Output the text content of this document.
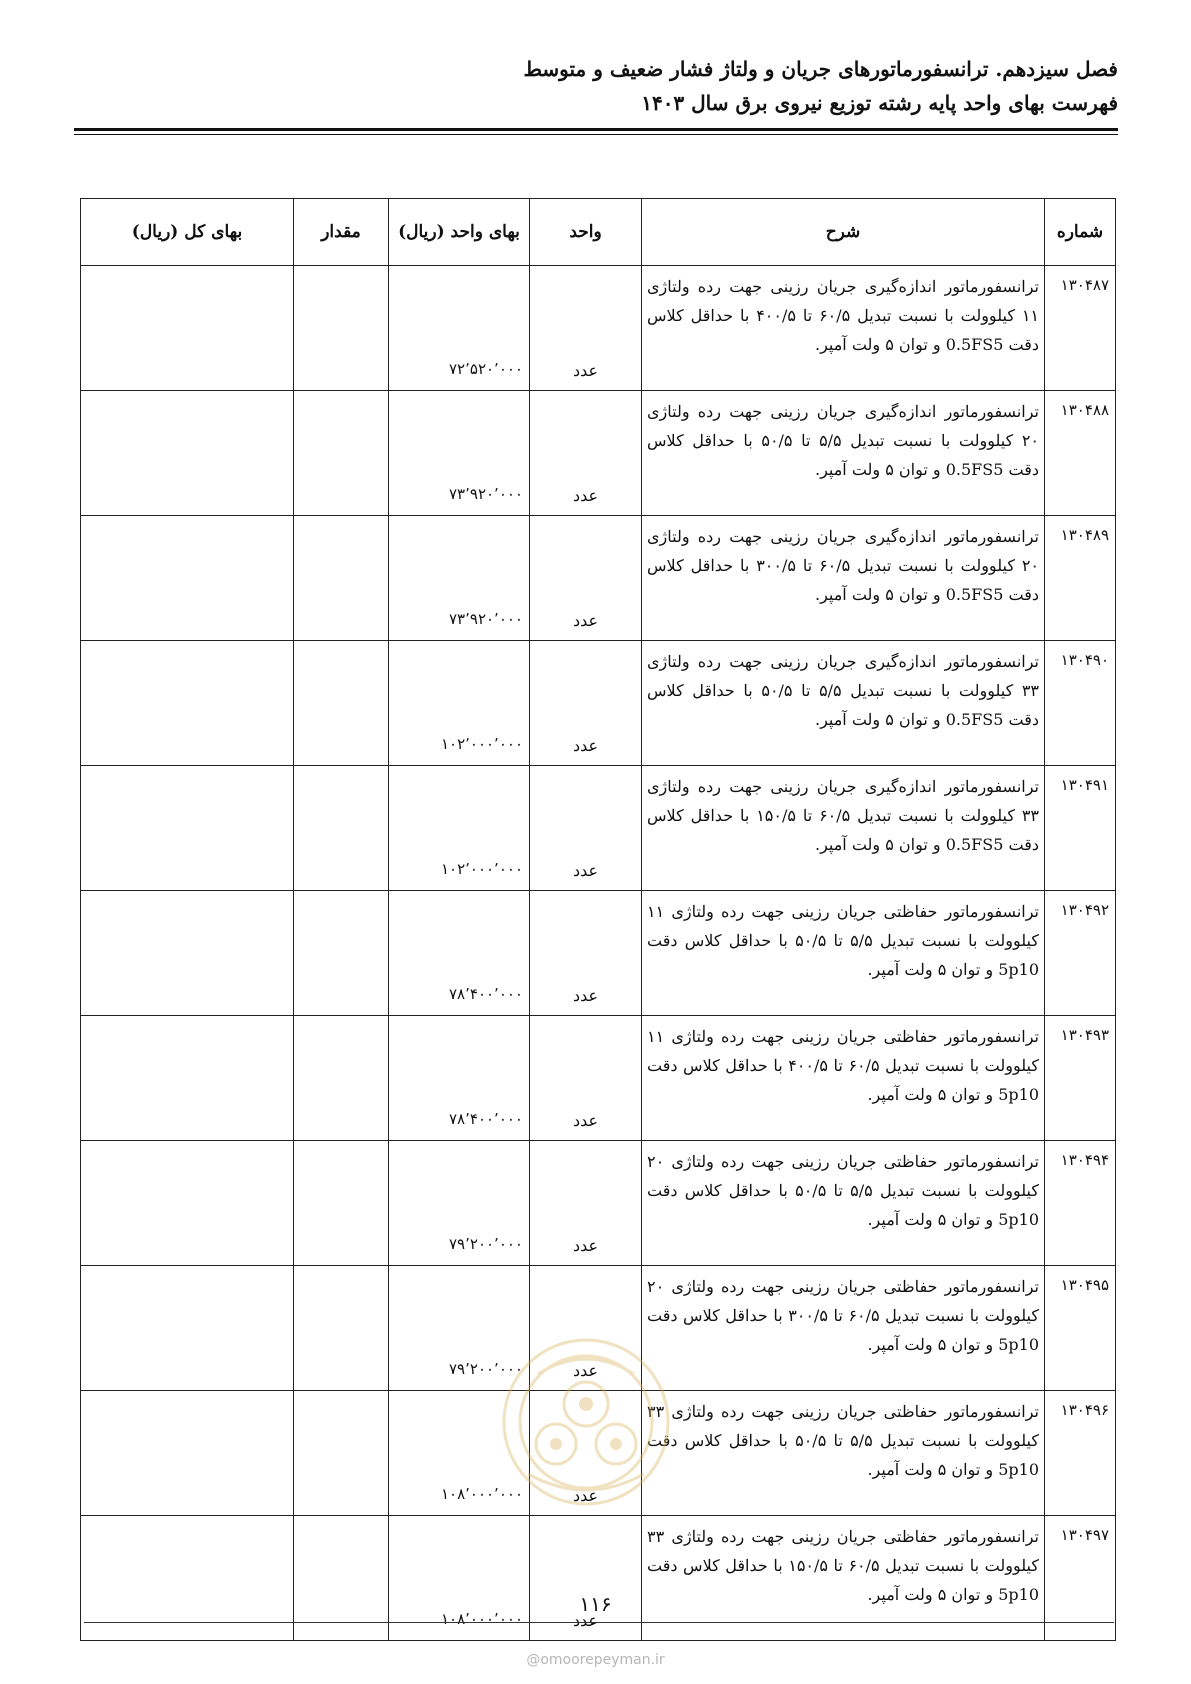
فصل سیزدهم. ترانسفورماتورهای جریان و ولتاژ فشار ضعیف و متوسط
فهرست بهای واحد پایه رشته توزیع نیروی برق سال ۱۴۰۳
شماره	شرح	واحد	بهای واحد (ریال)	مقدار	بهای کل (ریال)
۱۳۰۴۸۷	ترانسفورماتور اندازه‌گیری جریان رزینی جهت رده ولتاژی ۱۱ کیلوولت با نسبت تبدیل ۶۰/۵ تا ۴۰۰/۵ با حداقل کلاس دقت 0.5FS5 و توان ۵ ولت آمپر.	عدد	۷۲٬۵۲۰٬۰۰۰		
۱۳۰۴۸۸	ترانسفورماتور اندازه‌گیری جریان رزینی جهت رده ولتاژی ۲۰ کیلوولت با نسبت تبدیل ۵/۵ تا ۵۰/۵ با حداقل کلاس دقت 0.5FS5 و توان ۵ ولت آمپر.	عدد	۷۳٬۹۲۰٬۰۰۰		
۱۳۰۴۸۹	ترانسفورماتور اندازه‌گیری جریان رزینی جهت رده ولتاژی ۲۰ کیلوولت با نسبت تبدیل ۶۰/۵ تا ۳۰۰/۵ با حداقل کلاس دقت 0.5FS5 و توان ۵ ولت آمپر.	عدد	۷۳٬۹۲۰٬۰۰۰		
۱۳۰۴۹۰	ترانسفورماتور اندازه‌گیری جریان رزینی جهت رده ولتاژی ۳۳ کیلوولت با نسبت تبدیل ۵/۵ تا ۵۰/۵ با حداقل کلاس دقت 0.5FS5 و توان ۵ ولت آمپر.	عدد	۱۰۲٬۰۰۰٬۰۰۰		
۱۳۰۴۹۱	ترانسفورماتور اندازه‌گیری جریان رزینی جهت رده ولتاژی ۳۳ کیلوولت با نسبت تبدیل ۶۰/۵ تا ۱۵۰/۵ با حداقل کلاس دقت 0.5FS5 و توان ۵ ولت آمپر.	عدد	۱۰۲٬۰۰۰٬۰۰۰		
۱۳۰۴۹۲	ترانسفورماتور حفاظتی جریان رزینی جهت رده ولتاژی ۱۱ کیلوولت با نسبت تبدیل ۵/۵ تا ۵۰/۵ با حداقل کلاس دقت 5p10 و توان ۵ ولت آمپر.	عدد	۷۸٬۴۰۰٬۰۰۰		
۱۳۰۴۹۳	ترانسفورماتور حفاظتی جریان رزینی جهت رده ولتاژی ۱۱ کیلوولت با نسبت تبدیل ۶۰/۵ تا ۴۰۰/۵ با حداقل کلاس دقت 5p10 و توان ۵ ولت آمپر.	عدد	۷۸٬۴۰۰٬۰۰۰		
۱۳۰۴۹۴	ترانسفورماتور حفاظتی جریان رزینی جهت رده ولتاژی ۲۰ کیلوولت با نسبت تبدیل ۵/۵ تا ۵۰/۵ با حداقل کلاس دقت 5p10 و توان ۵ ولت آمپر.	عدد	۷۹٬۲۰۰٬۰۰۰		
۱۳۰۴۹۵	ترانسفورماتور حفاظتی جریان رزینی جهت رده ولتاژی ۲۰ کیلوولت با نسبت تبدیل ۶۰/۵ تا ۳۰۰/۵ با حداقل کلاس دقت 5p10 و توان ۵ ولت آمپر.	عدد	۷۹٬۲۰۰٬۰۰۰		
۱۳۰۴۹۶	ترانسفورماتور حفاظتی جریان رزینی جهت رده ولتاژی ۳۳ کیلوولت با نسبت تبدیل ۵/۵ تا ۵۰/۵ با حداقل کلاس دقت 5p10 و توان ۵ ولت آمپر.	عدد	۱۰۸٬۰۰۰٬۰۰۰		
۱۳۰۴۹۷	ترانسفورماتور حفاظتی جریان رزینی جهت رده ولتاژی ۳۳ کیلوولت با نسبت تبدیل ۶۰/۵ تا ۱۵۰/۵ با حداقل کلاس دقت 5p10 و توان ۵ ولت آمپر.	عدد	۱۰۸٬۰۰۰٬۰۰۰		
۱۱۶
@omoorepeyman.ir
